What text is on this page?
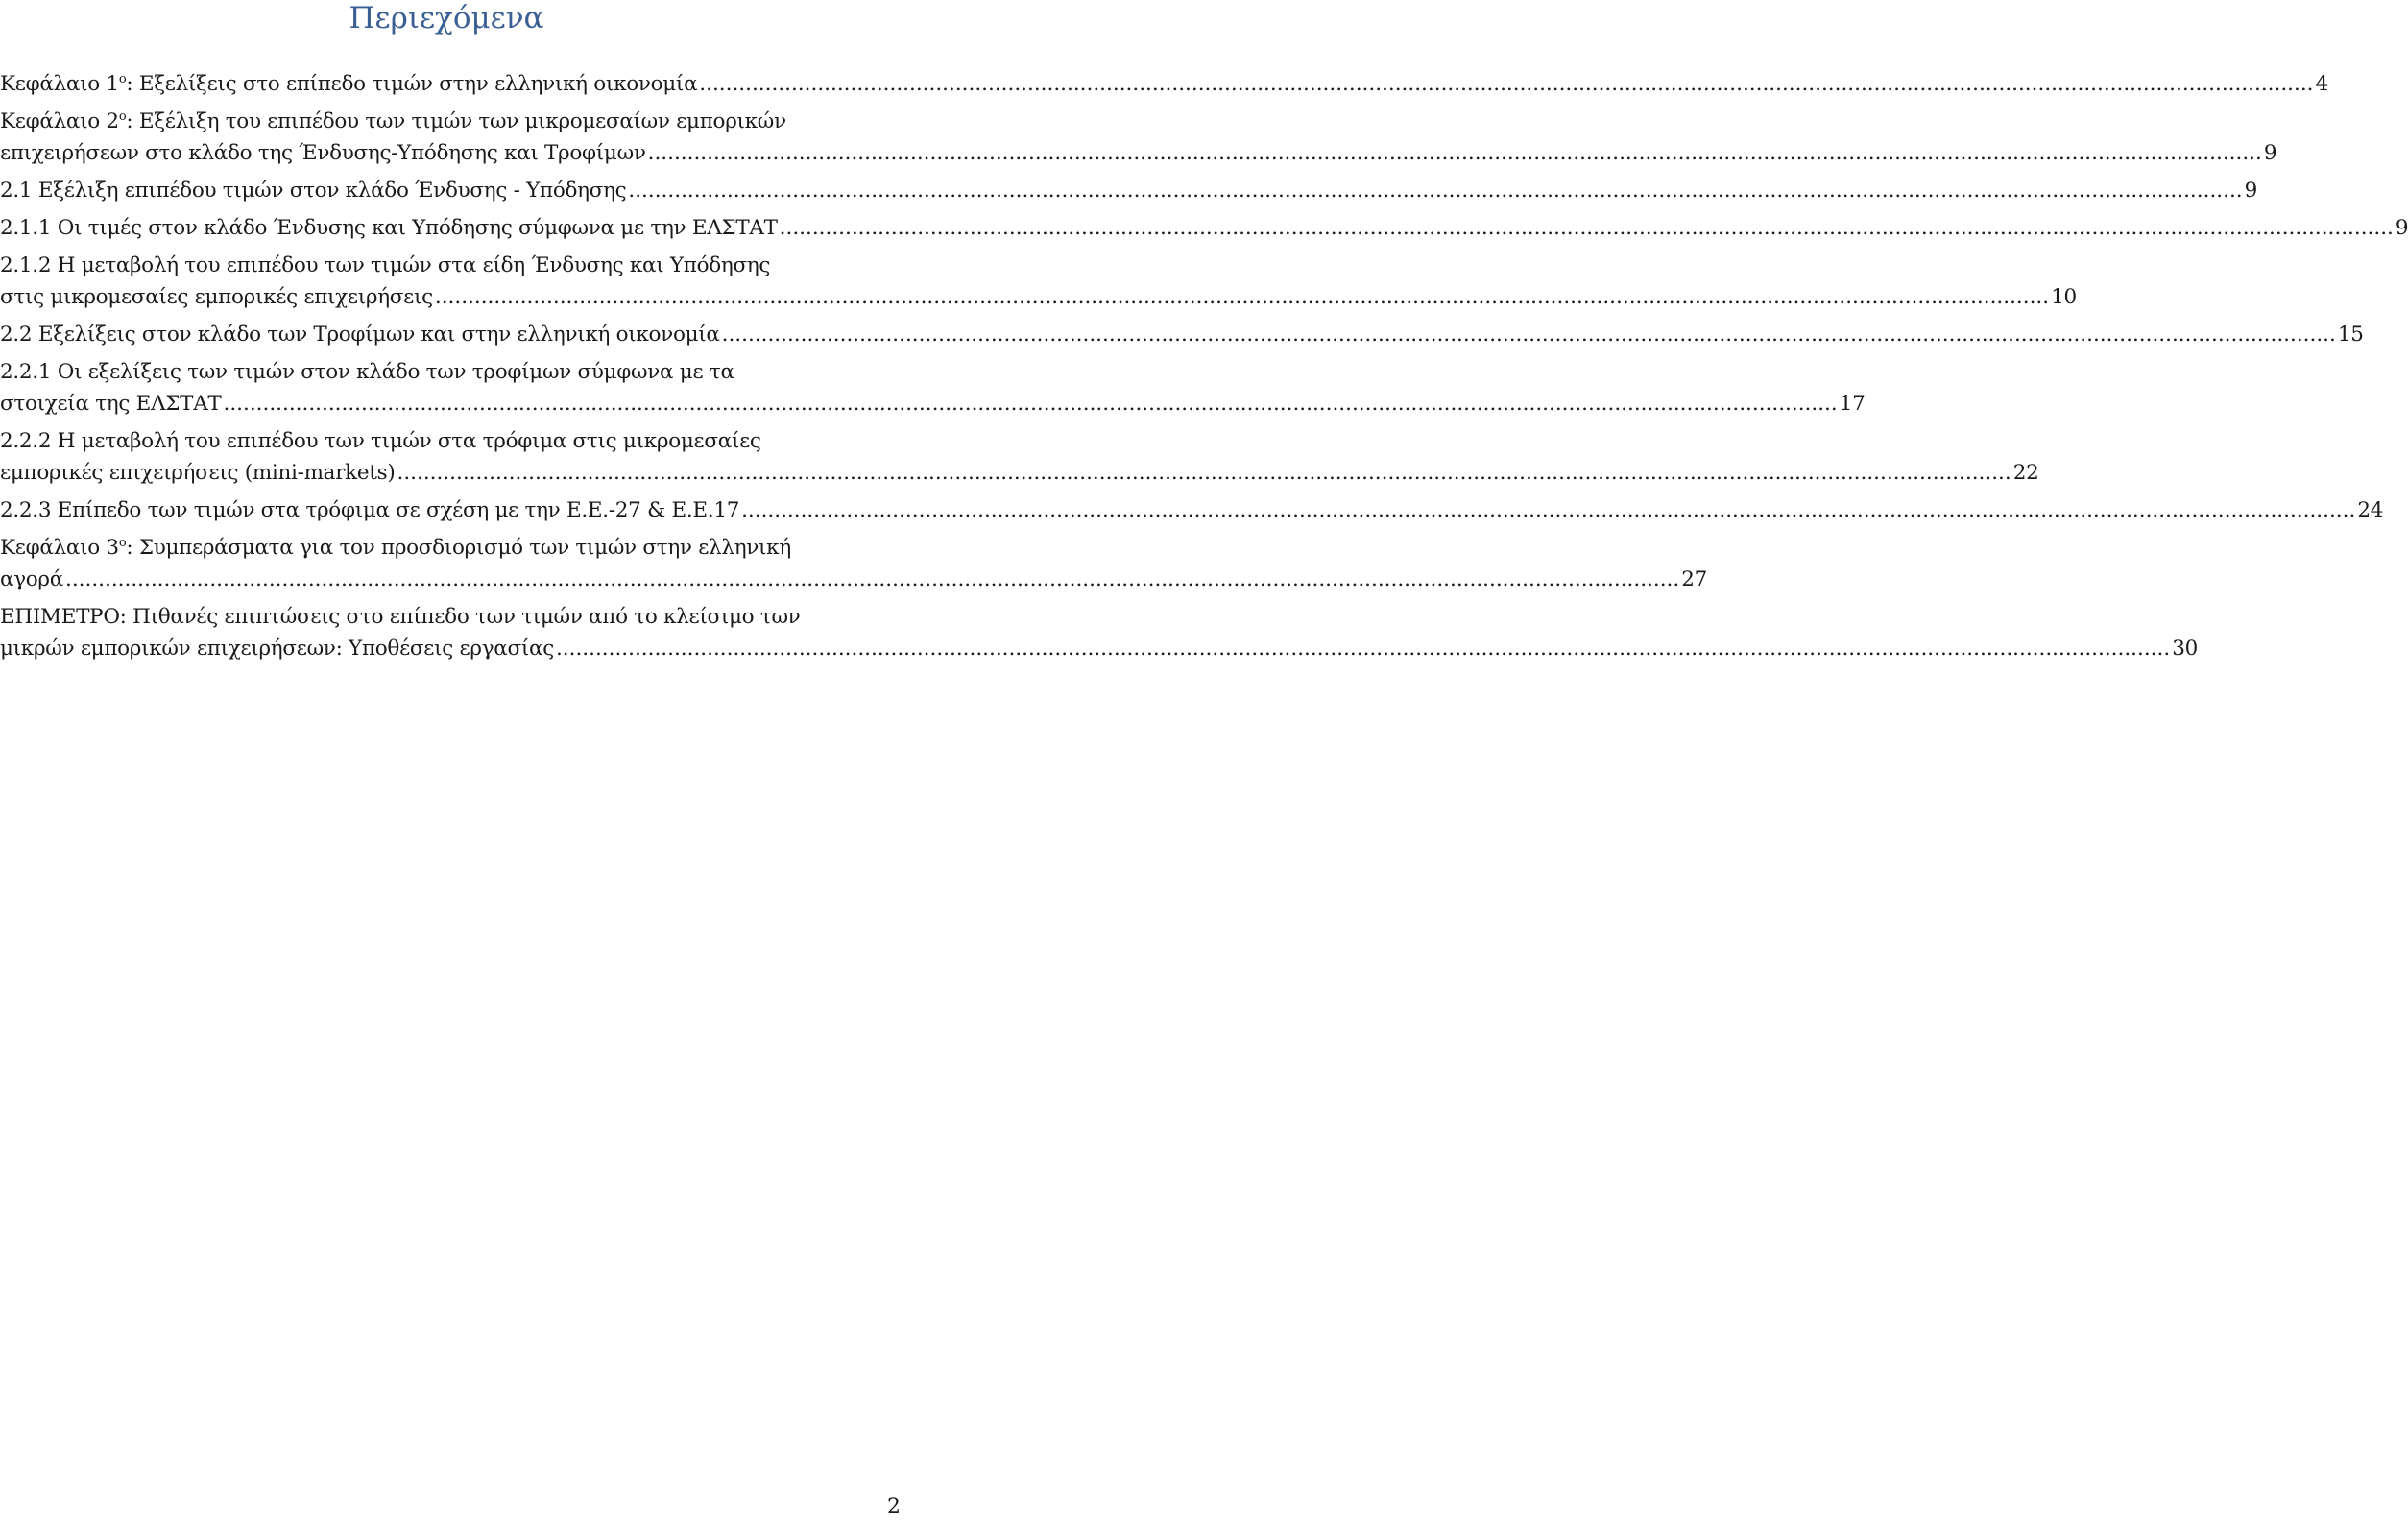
Περιεχόμενα
Κεφάλαιο $1^o$: Εξελίξεις στο επίπεδο τιμών στην ελληνική οικονομία .....	4
Κεφάλαιο $2^o$: Εξέλιξη του επιπέδου των τιμών των μικρομεσαίων εμπορικών
επιχειρήσεων στο κλάδο της Ένδυσης-Υπόδησης και Τροφίμων .....	9
2.1 Εξέλιξη επιπέδου τιμών στον κλάδο Ένδυσης - Υπόδησης .....	9
2.1.1 Οι τιμές στον κλάδο Ένδυσης και Υπόδησης σύμφωνα με την ΕΛΣΤΑΤ .....	9
2.1.2 Η μεταβολή του επιπέδου των τιμών στα είδη Ένδυσης και Υπόδησης
στις μικρομεσαίες εμπορικές επιχειρήσεις .....	10
2.2 Εξελίξεις στον κλάδο των Τροφίμων και στην ελληνική οικονομία .....	15
2.2.1 Οι εξελίξεις των τιμών στον κλάδο των τροφίμων σύμφωνα με τα
στοιχεία της ΕΛΣΤΑΤ .....	17
2.2.2 Η μεταβολή του επιπέδου των τιμών στα τρόφιμα στις μικρομεσαίες
εμπορικές επιχειρήσεις (mini-markets) .....	22
2.2.3 Επίπεδο των τιμών στα τρόφιμα σε σχέση με την Ε.Ε.-27 & Ε.Ε.17 .....	24
Κεφάλαιο $3^o$: Συμπεράσματα για τον προσδιορισμό των τιμών στην ελληνική
αγορά .....	27
ΕΠΙΜΕΤΡΟ: Πιθανές επιπτώσεις στο επίπεδο των τιμών από το κλείσιμο των
μικρών εμπορικών επιχειρήσεων: Υποθέσεις εργασίας .....	30
2
